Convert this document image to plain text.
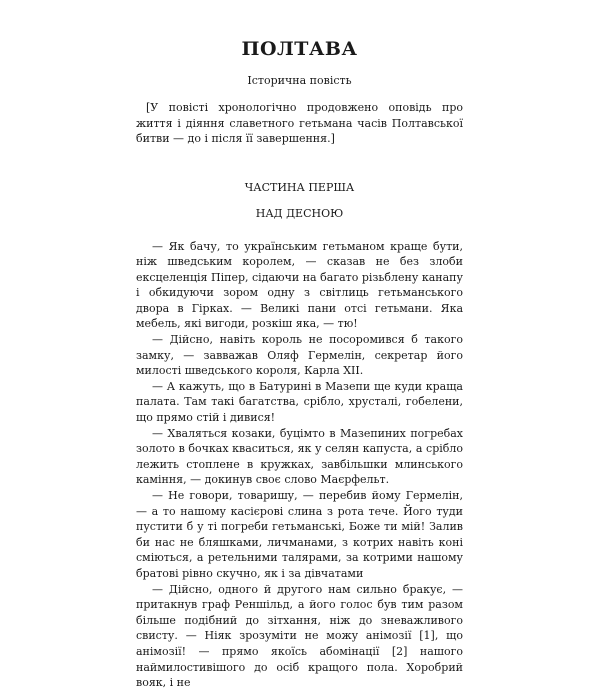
ПОЛТАВА
Історична повість

[У повісті хронологічно продовжено оповідь про життя і діяння славетного гетьмана часів Полтавської битви — до і після її завершення.]

ЧАСТИНА ПЕРША
НАД ДЕСНОЮ

— Як бачу, то українським гетьманом краще бути, ніж шведським королем, — сказав не без злоби ексцеленція Піпер, сідаючи на багато різьблену канапу і обкидуючи зором одну з світлиць гетьманського двора в Гірках. — Великі пани отсі гетьмани. Яка мебель, які вигоди, розкіш яка, — тю!

— Дійсно, навіть король не посоромився б такого замку, — завважав Оляф Гермелін, секретар його милості шведського короля, Карла XII.

— А кажуть, що в Батурині в Мазепи ще куди краща палата. Там такі багатства, срібло, хрусталі, гобелени, що прямо стій і дивися!

— Хваляться козаки, буцімто в Мазепиних погребах золото в бочках кваситься, як у селян капуста, а срібло лежить стоплене в кружках, завбільшки млинського каміння, — докинув своє слово Маєрфельт.

— Не говори, товаришу, — перебив йому Гермелін, — а то нашому касієрові слина з рота тече. Його туди пустити б у ті погреби гетьманські, Боже ти мій! Залив би нас не бляшками, личманами, з котрих навіть коні сміються, а ретельними талярами, за котрими нашому братові рівно скучно, як і за дівчатами

— Дійсно, одного й другого нам сильно бракує, — притакнув граф Реншільд, а його голос був тим разом більше подібний до зітхання, ніж до зневажливого свисту. — Ніяк зрозуміти не можу анімозії [1], що анімозії! — прямо якоїсь абомінації [2] нашого наймилостивішого до осіб кращого пола. Хоробрий вояк, і не
